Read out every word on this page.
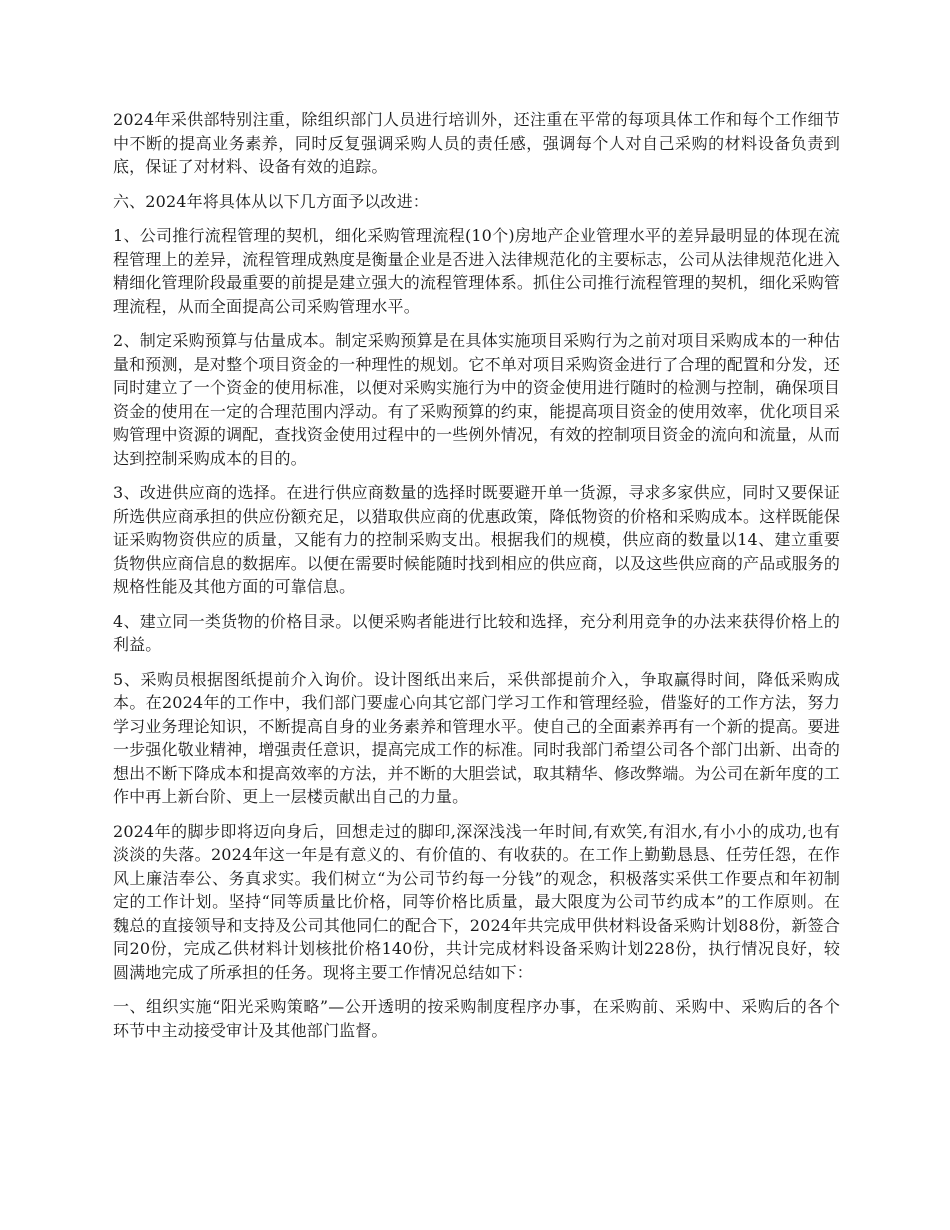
2024年采供部特别注重，除组织部门人员进行培训外，还注重在平常的每项具体工作和每个工作细节中不断的提高业务素养，同时反复强调采购人员的责任感，强调每个人对自己采购的材料设备负责到底，保证了对材料、设备有效的追踪。

六、2024年将具体从以下几方面予以改进：

1、公司推行流程管理的契机，细化采购管理流程(10个)房地产企业管理水平的差异最明显的体现在流程管理上的差异，流程管理成熟度是衡量企业是否进入法律规范化的主要标志，公司从法律规范化进入精细化管理阶段最重要的前提是建立强大的流程管理体系。抓住公司推行流程管理的契机，细化采购管理流程，从而全面提高公司采购管理水平。

2、制定采购预算与估量成本。制定采购预算是在具体实施项目采购行为之前对项目采购成本的一种估量和预测，是对整个项目资金的一种理性的规划。它不单对项目采购资金进行了合理的配置和分发，还同时建立了一个资金的使用标准，以便对采购实施行为中的资金使用进行随时的检测与控制，确保项目资金的使用在一定的合理范围内浮动。有了采购预算的约束，能提高项目资金的使用效率，优化项目采购管理中资源的调配，查找资金使用过程中的一些例外情况，有效的控制项目资金的流向和流量，从而达到控制采购成本的目的。

3、改进供应商的选择。在进行供应商数量的选择时既要避开单一货源，寻求多家供应，同时又要保证所选供应商承担的供应份额充足，以猎取供应商的优惠政策，降低物资的价格和采购成本。这样既能保证采购物资供应的质量，又能有力的控制采购支出。根据我们的规模，供应商的数量以14、建立重要货物供应商信息的数据库。以便在需要时候能随时找到相应的供应商，以及这些供应商的产品或服务的规格性能及其他方面的可靠信息。

4、建立同一类货物的价格目录。以便采购者能进行比较和选择，充分利用竞争的办法来获得价格上的利益。

5、采购员根据图纸提前介入询价。设计图纸出来后，采供部提前介入，争取赢得时间，降低采购成本。在2024年的工作中，我们部门要虚心向其它部门学习工作和管理经验，借鉴好的工作方法，努力学习业务理论知识，不断提高自身的业务素养和管理水平。使自己的全面素养再有一个新的提高。要进一步强化敬业精神，增强责任意识，提高完成工作的标准。同时我部门希望公司各个部门出新、出奇的想出不断下降成本和提高效率的方法，并不断的大胆尝试，取其精华、修改弊端。为公司在新年度的工作中再上新台阶、更上一层楼贡献出自己的力量。

2024年的脚步即将迈向身后，回想走过的脚印,深深浅浅一年时间,有欢笑,有泪水,有小小的成功,也有淡淡的失落。2024年这一年是有意义的、有价值的、有收获的。在工作上勤勤恳恳、任劳任怨，在作风上廉洁奉公、务真求实。我们树立“为公司节约每一分钱”的观念，积极落实采供工作要点和年初制定的工作计划。坚持“同等质量比价格，同等价格比质量，最大限度为公司节约成本”的工作原则。在魏总的直接领导和支持及公司其他同仁的配合下，2024年共完成甲供材料设备采购计划88份，新签合同20份，完成乙供材料计划核批价格140份，共计完成材料设备采购计划228份，执行情况良好，较圆满地完成了所承担的任务。现将主要工作情况总结如下：

一、组织实施“阳光采购策略”—公开透明的按采购制度程序办事，在采购前、采购中、采购后的各个环节中主动接受审计及其他部门监督。
